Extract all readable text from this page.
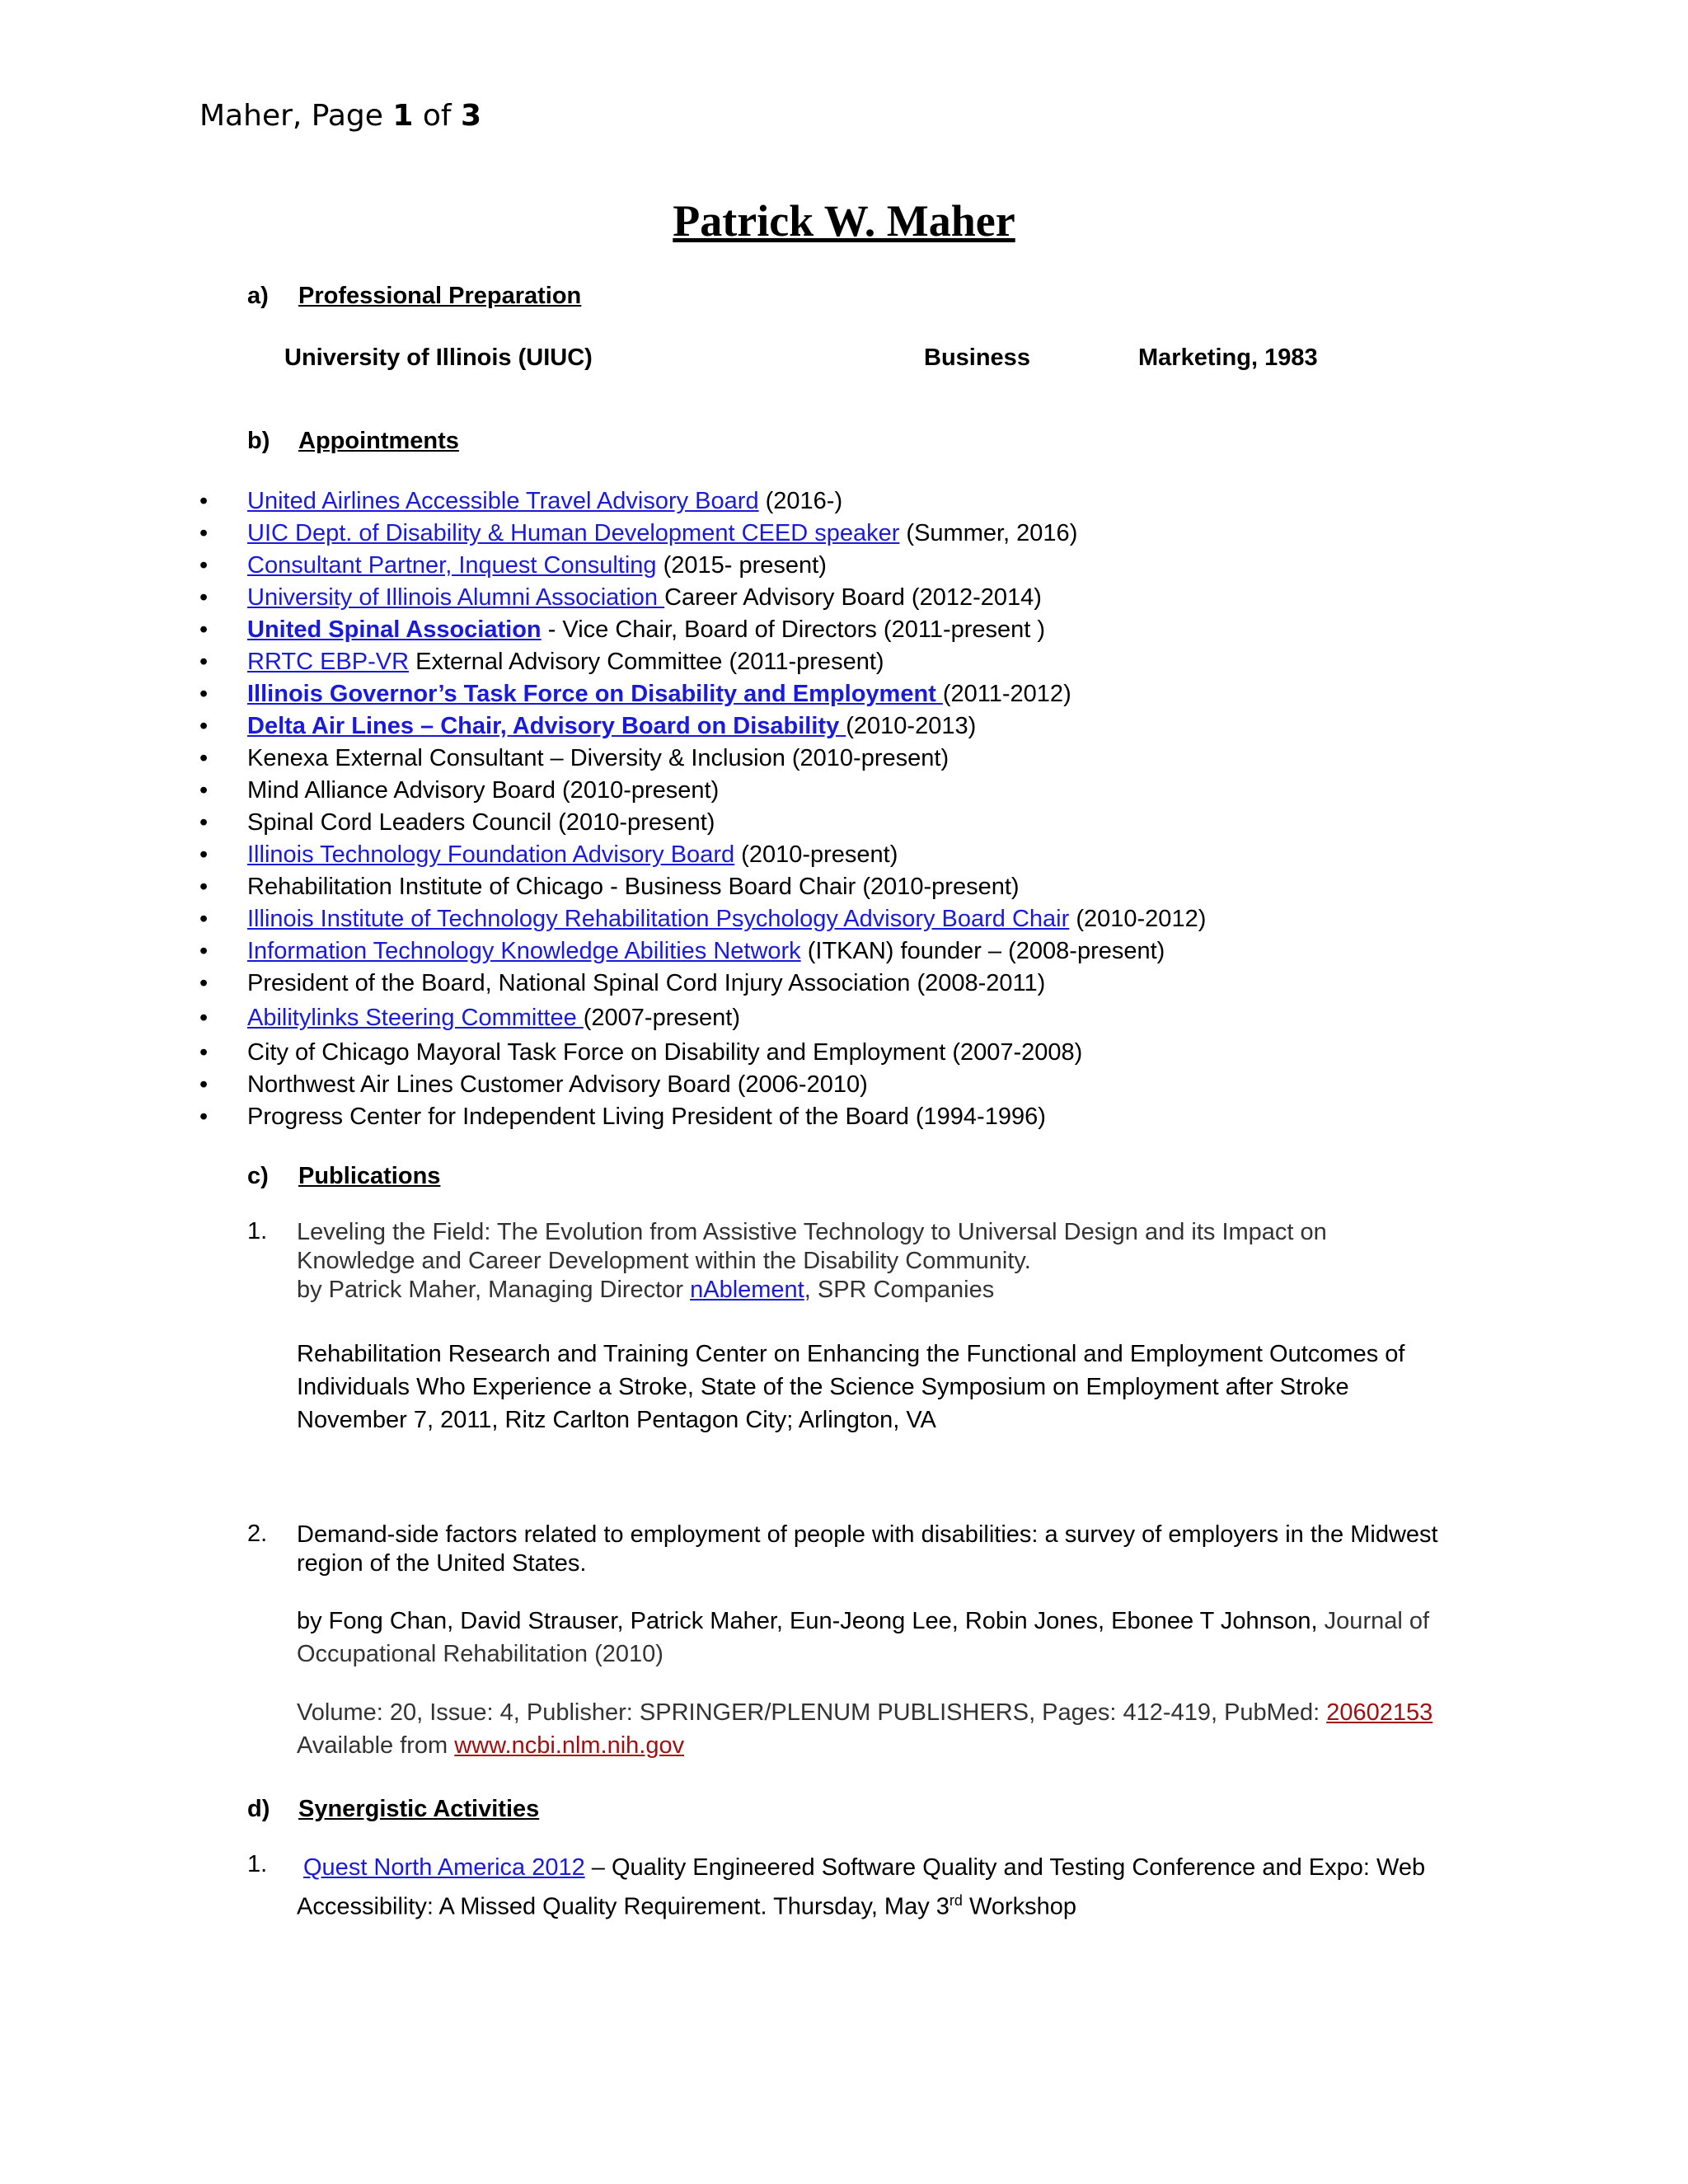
Maher, Page 1 of 3
Patrick W. Maher
a) Professional Preparation
University of Illinois (UIUC)	Business	Marketing, 1983
b) Appointments
• United Airlines Accessible Travel Advisory Board (2016-)
• UIC Dept. of Disability & Human Development CEED speaker (Summer, 2016)
• Consultant Partner, Inquest Consulting (2015- present)
• University of Illinois Alumni Association Career Advisory Board (2012-2014)
• United Spinal Association - Vice Chair, Board of Directors (2011-present )
• RRTC EBP-VR External Advisory Committee (2011-present)
• Illinois Governor’s Task Force on Disability and Employment (2011-2012)
• Delta Air Lines – Chair, Advisory Board on Disability (2010-2013)
• Kenexa External Consultant – Diversity & Inclusion (2010-present)
• Mind Alliance Advisory Board (2010-present)
• Spinal Cord Leaders Council (2010-present)
• Illinois Technology Foundation Advisory Board (2010-present)
• Rehabilitation Institute of Chicago - Business Board Chair (2010-present)
• Illinois Institute of Technology Rehabilitation Psychology Advisory Board Chair (2010-2012)
• Information Technology Knowledge Abilities Network (ITKAN) founder – (2008-present)
• President of the Board, National Spinal Cord Injury Association (2008-2011)
• Abilitylinks Steering Committee (2007-present)
• City of Chicago Mayoral Task Force on Disability and Employment (2007-2008)
• Northwest Air Lines Customer Advisory Board (2006-2010)
• Progress Center for Independent Living President of the Board (1994-1996)
c) Publications
1. Leveling the Field: The Evolution from Assistive Technology to Universal Design and its Impact on
Knowledge and Career Development within the Disability Community.
by Patrick Maher, Managing Director nAblement, SPR Companies
Rehabilitation Research and Training Center on Enhancing the Functional and Employment Outcomes of
Individuals Who Experience a Stroke, State of the Science Symposium on Employment after Stroke
November 7, 2011, Ritz Carlton Pentagon City; Arlington, VA
2. Demand-side factors related to employment of people with disabilities: a survey of employers in the Midwest
region of the United States.
by Fong Chan, David Strauser, Patrick Maher, Eun-Jeong Lee, Robin Jones, Ebonee T Johnson, Journal of
Occupational Rehabilitation (2010)
Volume: 20, Issue: 4, Publisher: SPRINGER/PLENUM PUBLISHERS, Pages: 412-419, PubMed: 20602153
Available from www.ncbi.nlm.nih.gov
d) Synergistic Activities
1. Quest North America 2012 – Quality Engineered Software Quality and Testing Conference and Expo: Web
Accessibility: A Missed Quality Requirement. Thursday, May 3rd Workshop
